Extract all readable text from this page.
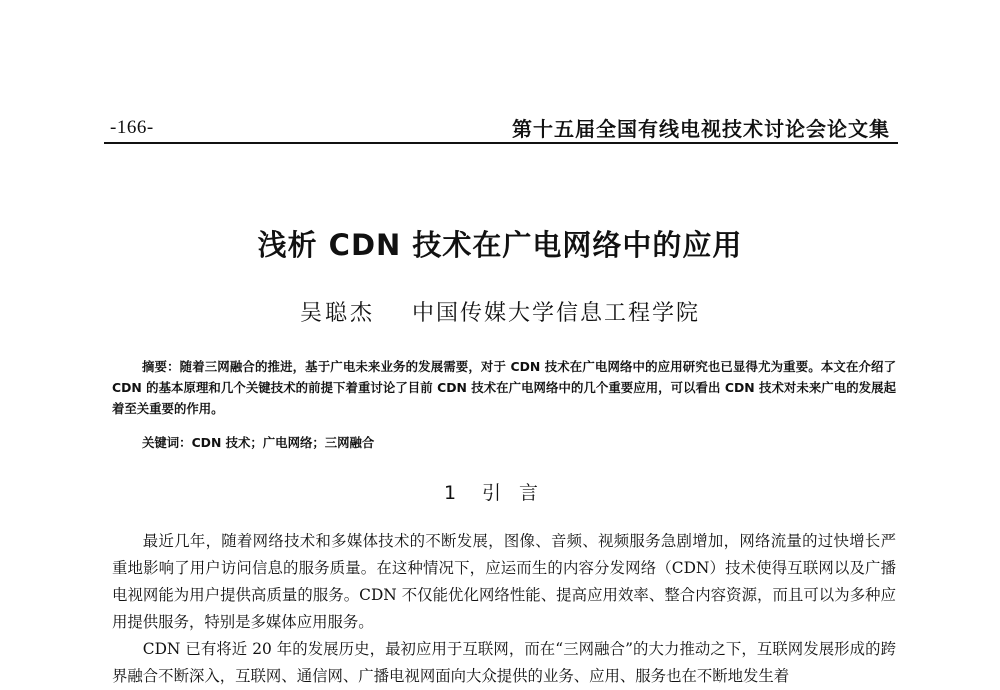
-166-	第十五届全国有线电视技术讨论会论文集
浅析 CDN 技术在广电网络中的应用
吴聪杰 中国传媒大学信息工程学院

摘要：随着三网融合的推进，基于广电未来业务的发展需要，对于 CDN 技术在广电网络中的应用研究也已显得尤为重要。本文在介绍了 CDN 的基本原理和几个关键技术的前提下着重讨论了目前 CDN 技术在广电网络中的几个重要应用，可以看出 CDN 技术对未来广电的发展起着至关重要的作用。

关键词：CDN 技术；广电网络；三网融合
1 引言

最近几年，随着网络技术和多媒体技术的不断发展，图像、音频、视频服务急剧增加，网络流量的过快增长严重地影响了用户访问信息的服务质量。在这种情况下，应运而生的内容分发网络（CDN）技术使得互联网以及广播电视网能为用户提供高质量的服务。CDN 不仅能优化网络性能、提高应用效率、整合内容资源，而且可以为多种应用提供服务，特别是多媒体应用服务。

CDN 已有将近 20 年的发展历史，最初应用于互联网，而在“三网融合”的大力推动之下，互联网发展形成的跨界融合不断深入，互联网、通信网、广播电视网面向大众提供的业务、应用、服务也在不断地发生着
